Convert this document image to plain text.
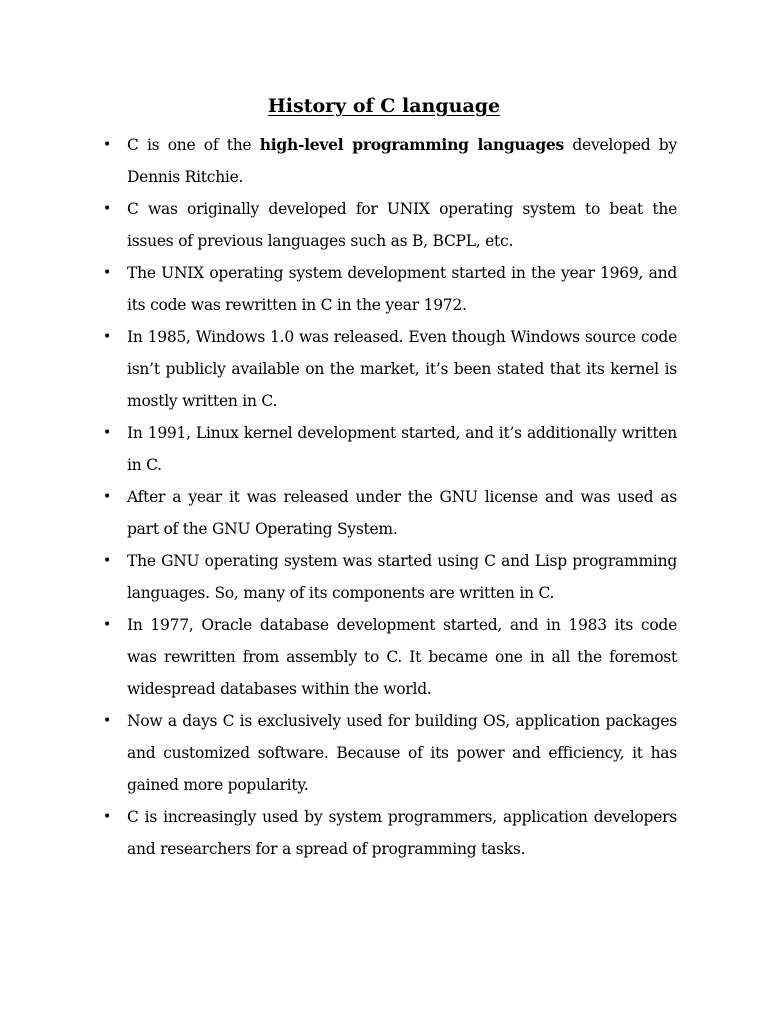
History of C language
• C is one of the high-level programming languages developed by Dennis Ritchie.
• C was originally developed for UNIX operating system to beat the issues of previous languages such as B, BCPL, etc.
• The UNIX operating system development started in the year 1969, and its code was rewritten in C in the year 1972.
• In 1985, Windows 1.0 was released. Even though Windows source code isn’t publicly available on the market, it’s been stated that its kernel is mostly written in C.
• In 1991, Linux kernel development started, and it’s additionally written in C.
• After a year it was released under the GNU license and was used as part of the GNU Operating System.
• The GNU operating system was started using C and Lisp programming languages. So, many of its components are written in C.
• In 1977, Oracle database development started, and in 1983 its code was rewritten from assembly to C. It became one in all the foremost widespread databases within the world.
• Now a days C is exclusively used for building OS, application packages and customized software. Because of its power and efficiency, it has gained more popularity.
• C is increasingly used by system programmers, application developers and researchers for a spread of programming tasks.
